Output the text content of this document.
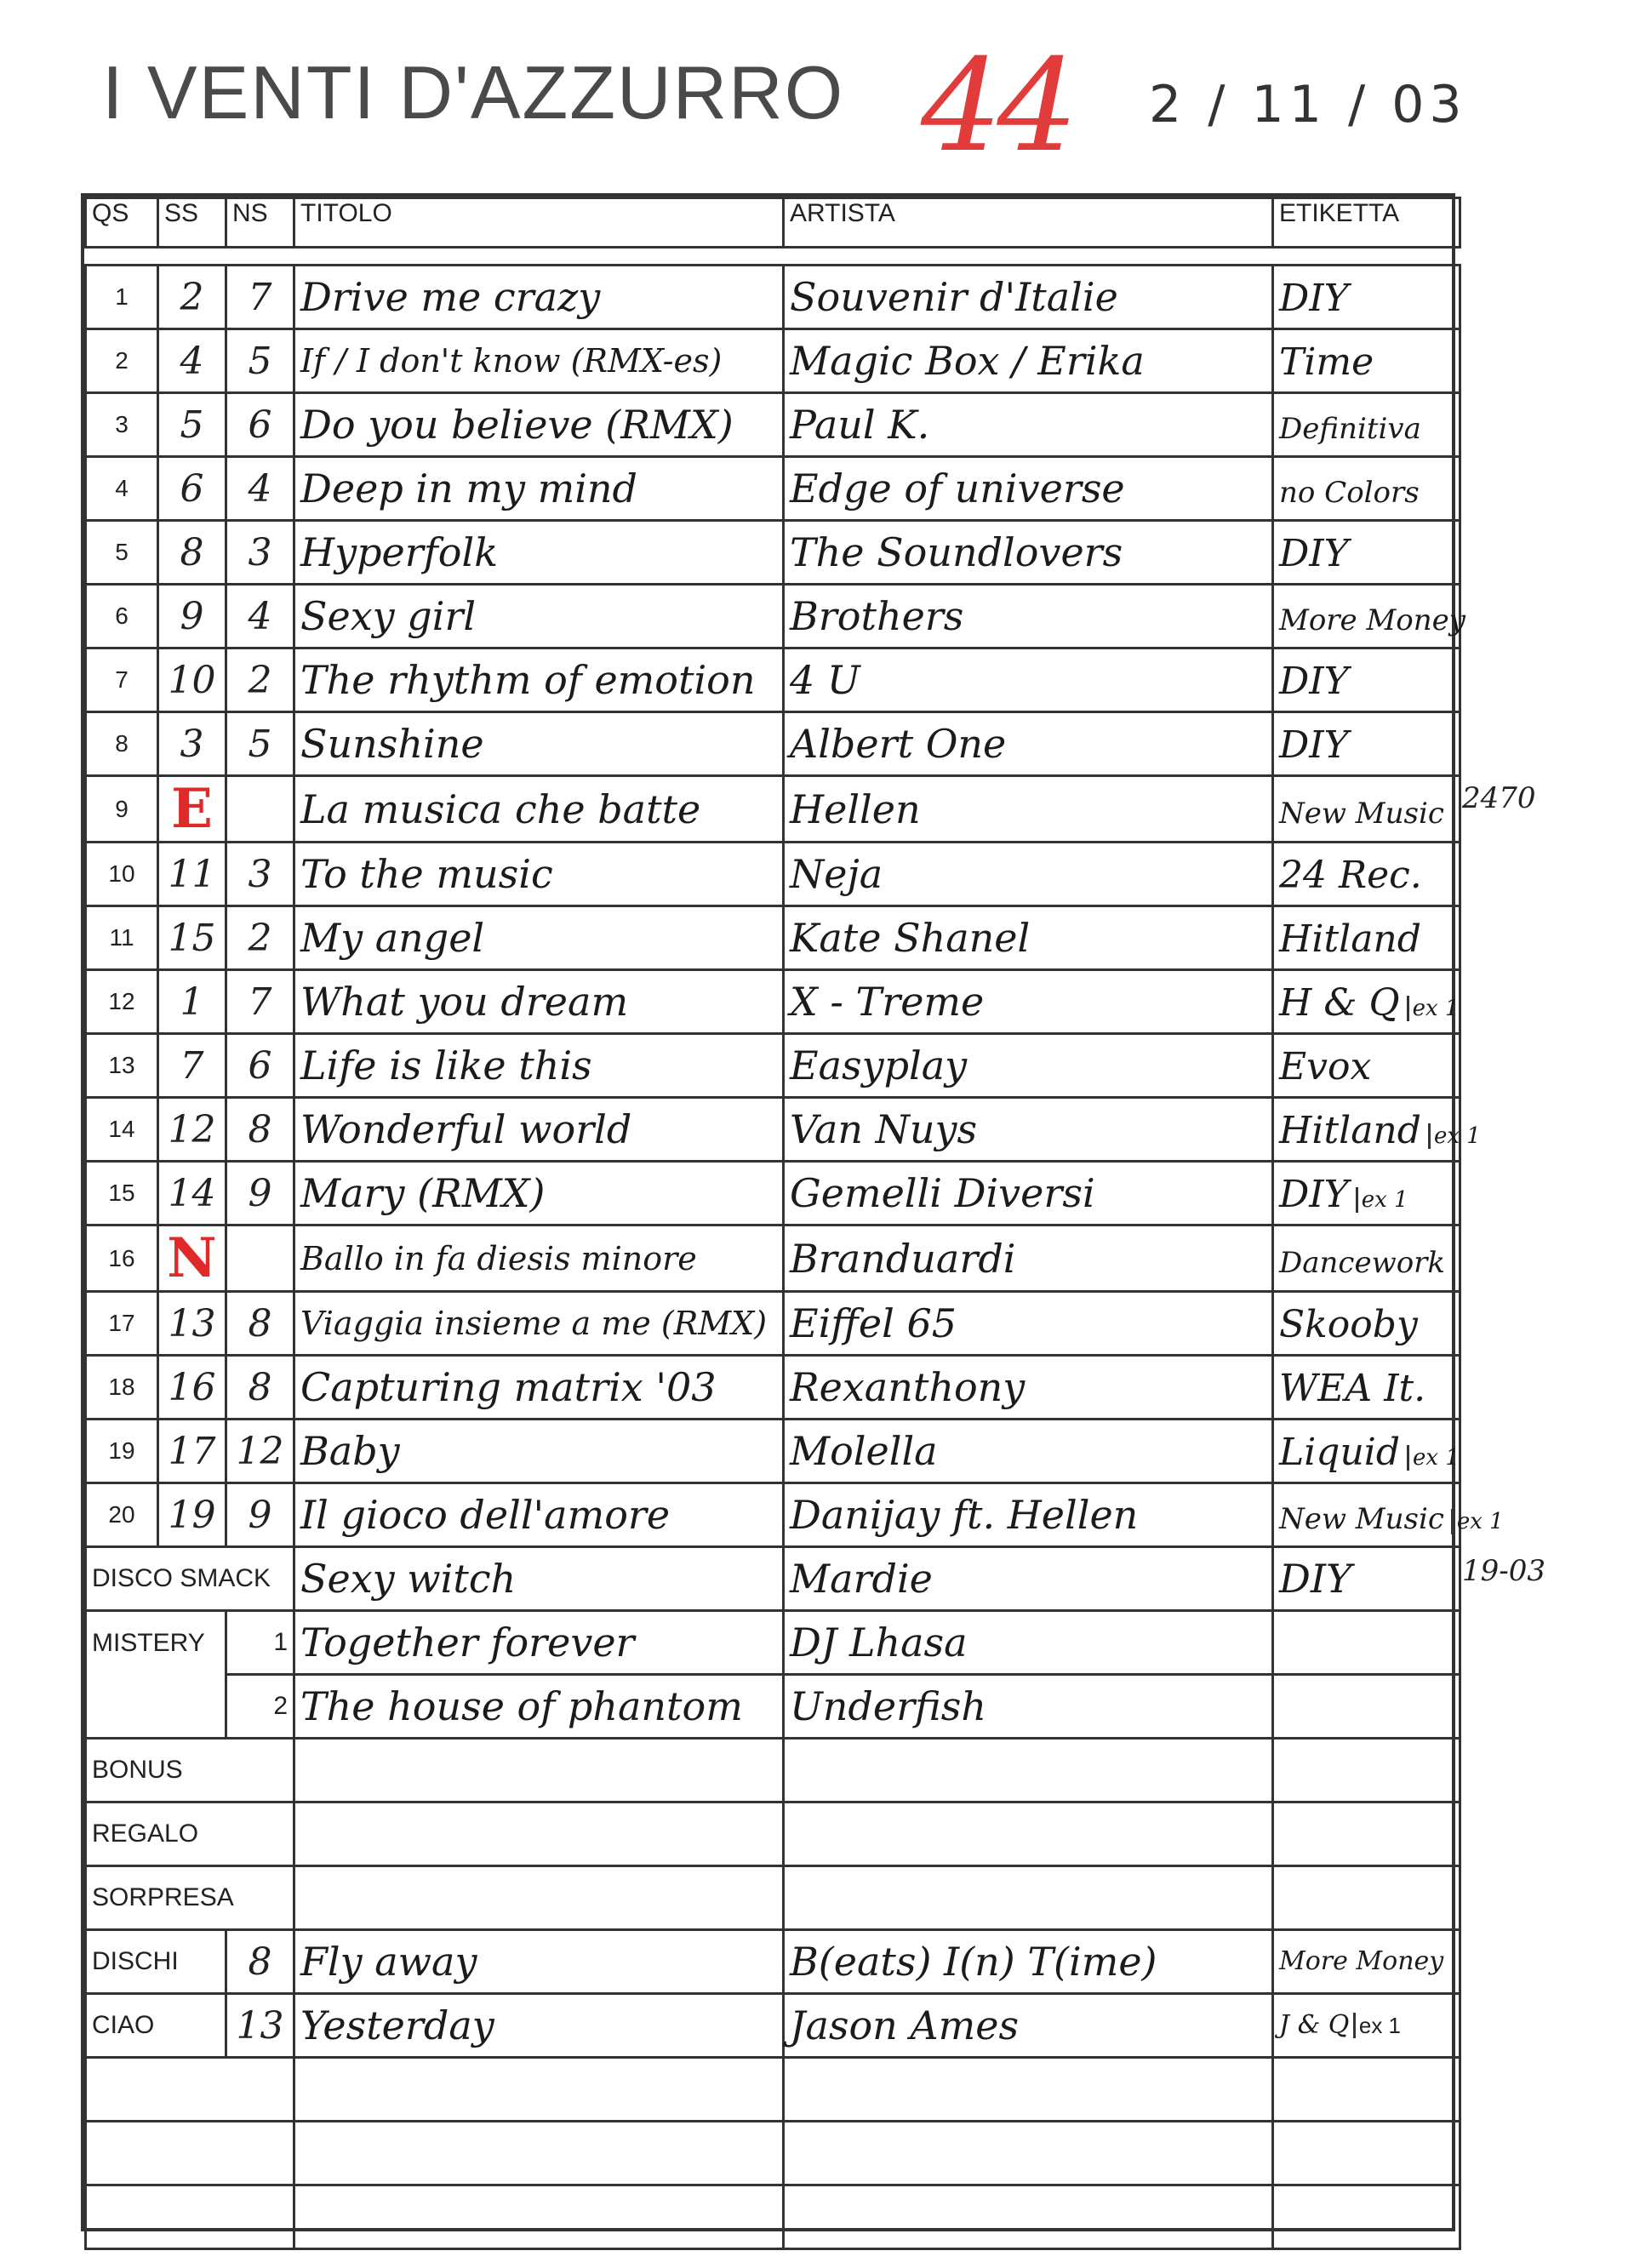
I VENTI D'AZZURRO 44 2 / 11 / 03
QS	SS	NS	TITOLO	ARTISTA	ETIKETTA

1	2	7	Drive me crazy	Souvenir d'Italie	DIY
2	4	5	If / I don't know (RMX-es)	Magic Box / Erika	Time
3	5	6	Do you believe (RMX)	Paul K.	Definitiva
4	6	4	Deep in my mind	Edge of universe	no Colors
5	8	3	Hyperfolk	The Soundlovers	DIY
6	9	4	Sexy girl	Brothers	More Money
7	10	2	The rhythm of emotion	4 U	DIY
8	3	5	Sunshine	Albert One	DIY
9	E		La musica che batte	Hellen	New Music
10	11	3	To the music	Neja	24 Rec.
11	15	2	My angel	Kate Shanel	Hitland
12	1	7	What you dream	X - Treme	H & Q ex 1
13	7	6	Life is like this	Easyplay	Evox
14	12	8	Wonderful world	Van Nuys	Hitland ex 1
15	14	9	Mary (RMX)	Gemelli Diversi	DIY ex 1
16	N		Ballo in fa diesis minore	Branduardi	Dancework
17	13	8	Viaggia insieme a me (RMX)	Eiffel 65	Skooby
18	16	8	Capturing matrix '03	Rexanthony	WEA It.
19	17	12	Baby	Molella	Liquid ex 1
20	19	9	Il gioco dell'amore	Danijay ft. Hellen	New Music ex 1
DISCO SMACK			Sexy witch	Mardie	DIY
MISTERY		1	Together forever	DJ Lhasa	
		2	The house of phantom	Underfish	
BONUS					
REGALO					
SORPRESA					
DISCHI		8	Fly away	B(eats) I(n) T(ime)	More Money
CIAO		13	Yesterday	Jason Ames	J & Q ex 1

2470
19-03
